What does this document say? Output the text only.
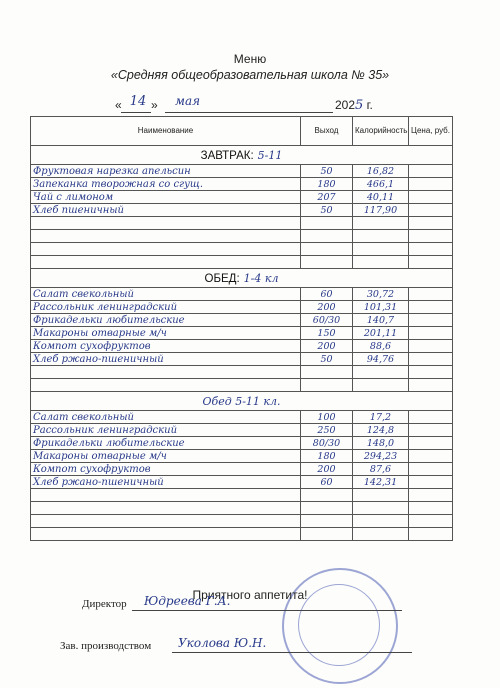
Меню
«Средняя общеобразовательная школа № 35»
« 14 » мая	2025 г.
Наименование	Выход	Калорийность	Цена, руб.
ЗАВТРАК: 5-11			
Фруктовая нарезка апельсин	50	16,82	
Запеканка творожная со сгущ.	180	466,1	
Чай с лимоном	207	40,11	
Хлеб пшеничный	50	117,90	

ОБЕД: 1-4 кл			
Салат свекольный	60	30,72	
Рассольник ленинградский	200	101,31	
Фрикадельки любительские	60/30	140,7	
Макароны отварные м/ч	150	201,11	
Компот сухофруктов	200	88,6	
Хлеб ржано-пшеничный	50	94,76	

Обед 5-11 кл.			
Салат свекольный	100	17,2	
Рассольник ленинградский	250	124,8	
Фрикадельки любительские	80/30	148,0	
Макароны отварные м/ч	180	294,23	
Компот сухофруктов	200	87,6	
Хлеб ржано-пшеничный	60	142,31	

Приятного аппетита!
Директор Юдреева Г.А.
Зав. производством Уколова Ю.Н.
